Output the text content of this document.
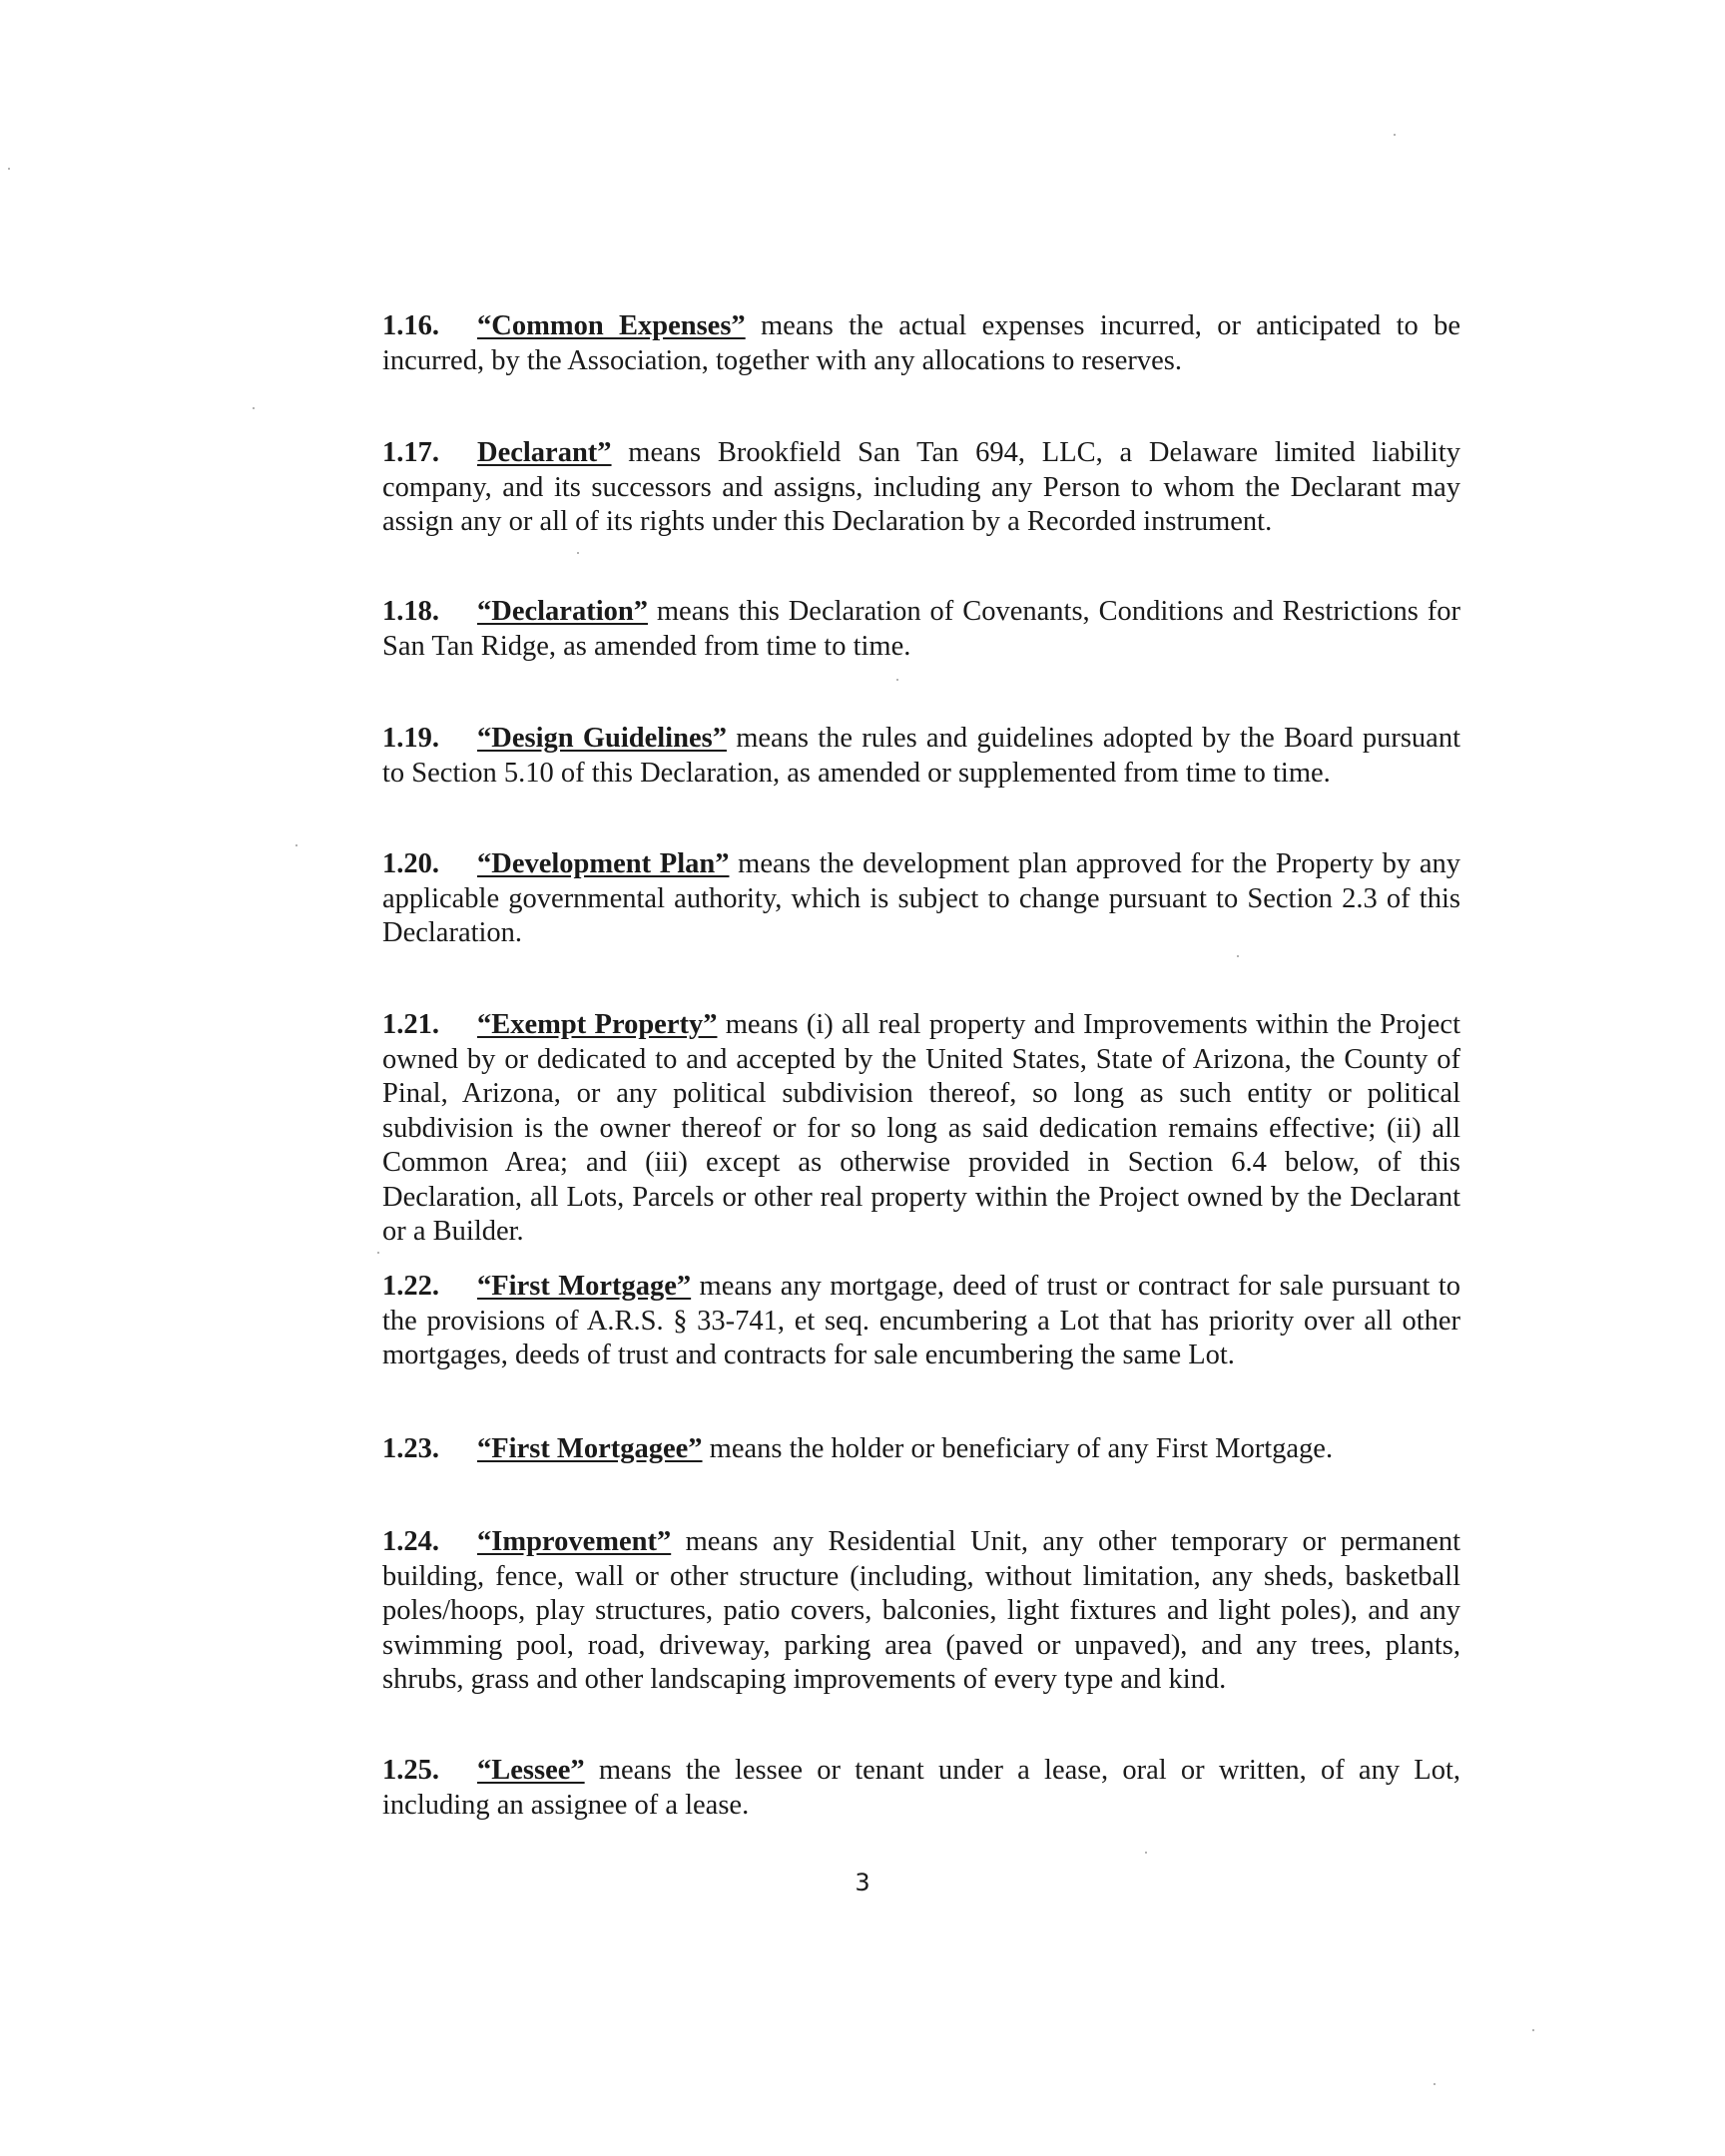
1.16. “Common Expenses” means the actual expenses incurred, or anticipated to be incurred, by the Association, together with any allocations to reserves.
1.17. Declarant” means Brookfield San Tan 694, LLC, a Delaware limited liability company, and its successors and assigns, including any Person to whom the Declarant may assign any or all of its rights under this Declaration by a Recorded instrument.
1.18. “Declaration” means this Declaration of Covenants, Conditions and Restrictions for San Tan Ridge, as amended from time to time.
1.19. “Design Guidelines” means the rules and guidelines adopted by the Board pursuant to Section 5.10 of this Declaration, as amended or supplemented from time to time.
1.20. “Development Plan” means the development plan approved for the Property by any applicable governmental authority, which is subject to change pursuant to Section 2.3 of this Declaration.
1.21. “Exempt Property” means (i) all real property and Improvements within the Project owned by or dedicated to and accepted by the United States, State of Arizona, the County of Pinal, Arizona, or any political subdivision thereof, so long as such entity or political subdivision is the owner thereof or for so long as said dedication remains effective; (ii) all Common Area; and (iii) except as otherwise provided in Section 6.4 below, of this Declaration, all Lots, Parcels or other real property within the Project owned by the Declarant or a Builder.
1.22. “First Mortgage” means any mortgage, deed of trust or contract for sale pursuant to the provisions of A.R.S. § 33-741, et seq. encumbering a Lot that has priority over all other mortgages, deeds of trust and contracts for sale encumbering the same Lot.
1.23. “First Mortgagee” means the holder or beneficiary of any First Mortgage.
1.24. “Improvement” means any Residential Unit, any other temporary or permanent building, fence, wall or other structure (including, without limitation, any sheds, basketball poles/hoops, play structures, patio covers, balconies, light fixtures and light poles), and any swimming pool, road, driveway, parking area (paved or unpaved), and any trees, plants, shrubs, grass and other landscaping improvements of every type and kind.
1.25. “Lessee” means the lessee or tenant under a lease, oral or written, of any Lot, including an assignee of a lease.
3
